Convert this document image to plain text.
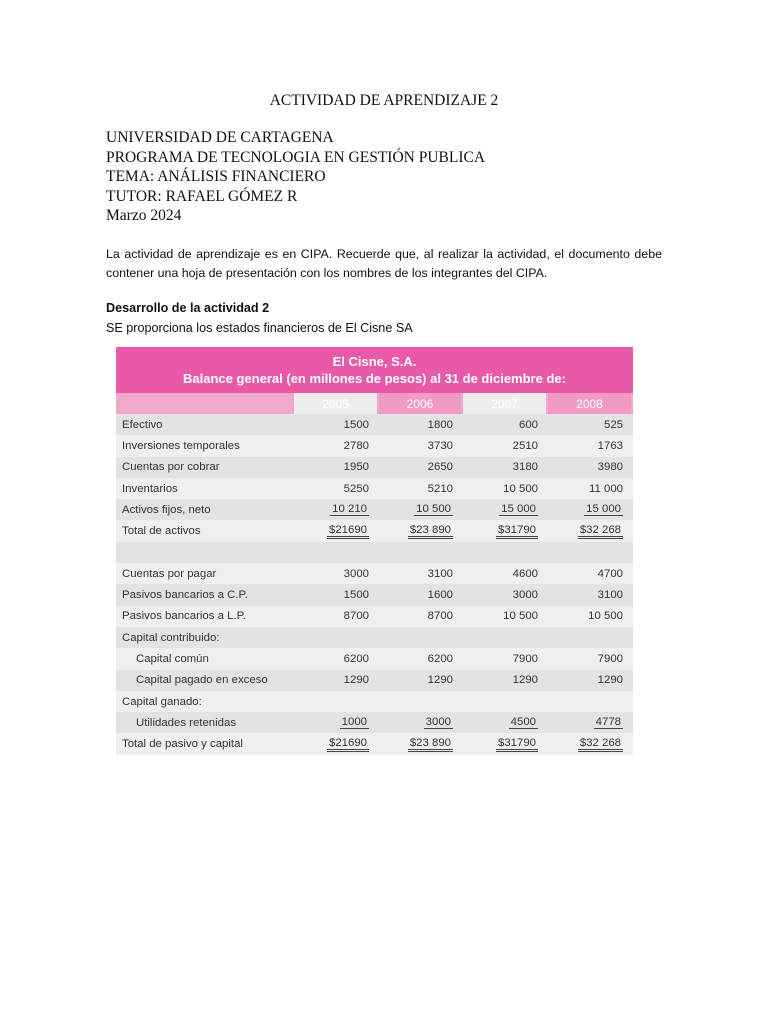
ACTIVIDAD DE APRENDIZAJE 2
UNIVERSIDAD DE CARTAGENA
PROGRAMA DE TECNOLOGIA EN GESTIÓN PUBLICA
TEMA: ANÁLISIS FINANCIERO
TUTOR: RAFAEL GÓMEZ R
Marzo 2024
La actividad de aprendizaje es en CIPA. Recuerde que, al realizar la actividad, el documento debe contener una hoja de presentación con los nombres de los integrantes del CIPA.
Desarrollo de la actividad 2
SE proporciona los estados financieros de El Cisne SA
El Cisne, S.A.
Balance general (en millones de pesos) al 31 de diciembre de:
2005	2006	2007	2008
Efectivo	1500	1800	600	525
Inversiones temporales	2780	3730	2510	1763
Cuentas por cobrar	1950	2650	3180	3980
Inventarios	5250	5210	10 500	11 000
Activos fijos, neto	10 210	10 500	15 000	15 000
Total de activos	$21690	$23 890	$31790	$32 268
Cuentas por pagar	3000	3100	4600	4700
Pasivos bancarios a C.P.	1500	1600	3000	3100
Pasivos bancarios a L.P.	8700	8700	10 500	10 500
Capital contribuido:
Capital común	6200	6200	7900	7900
Capital pagado en exceso	1290	1290	1290	1290
Capital ganado:
Utilidades retenidas	1000	3000	4500	4778
Total de pasivo y capital	$21690	$23 890	$31790	$32 268
